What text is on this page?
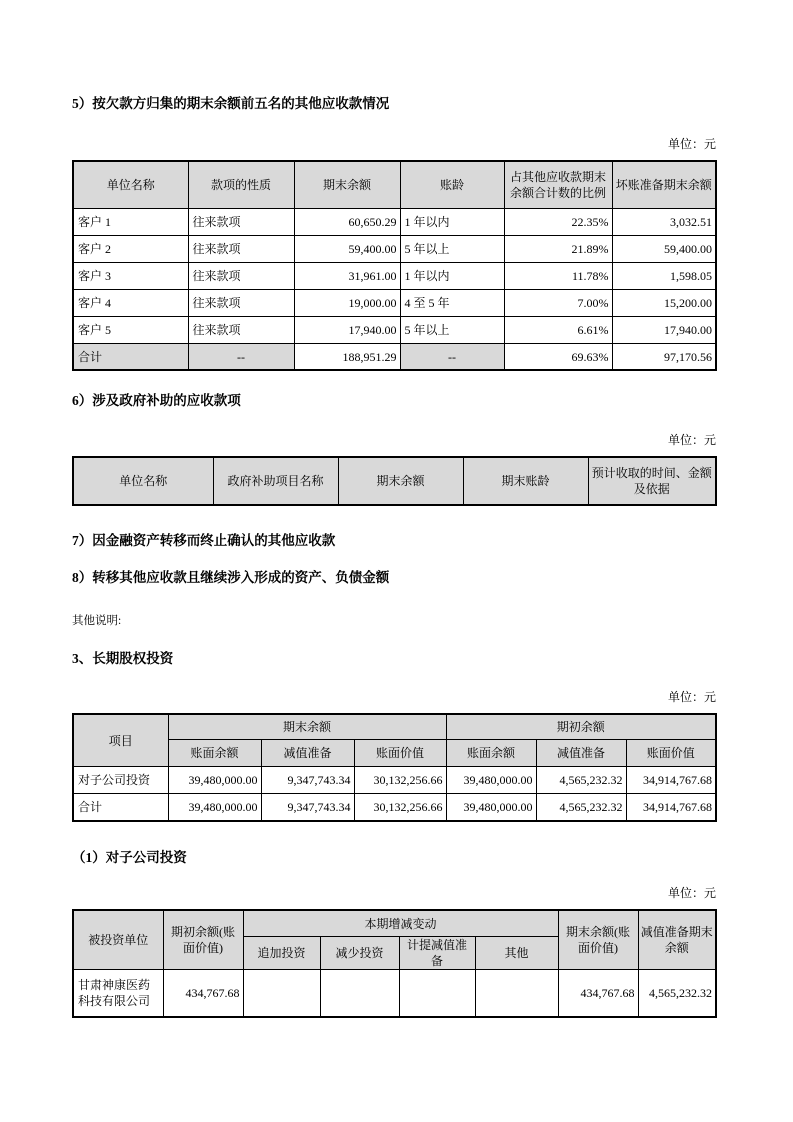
5）按欠款方归集的期末余额前五名的其他应收款情况
单位：元
单位名称	款项的性质	期末余额	账龄	占其他应收款期末余额合计数的比例	坏账准备期末余额
客户 1	往来款项	60,650.29	1 年以内	22.35%	3,032.51
客户 2	往来款项	59,400.00	5 年以上	21.89%	59,400.00
客户 3	往来款项	31,961.00	1 年以内	11.78%	1,598.05
客户 4	往来款项	19,000.00	4 至 5 年	7.00%	15,200.00
客户 5	往来款项	17,940.00	5 年以上	6.61%	17,940.00
合计	--	188,951.29	--	69.63%	97,170.56
6）涉及政府补助的应收款项
单位：元
单位名称	政府补助项目名称	期末余额	期末账龄	预计收取的时间、金额及依据
7）因金融资产转移而终止确认的其他应收款
8）转移其他应收款且继续涉入形成的资产、负债金额
其他说明:
3、长期股权投资
单位：元
项目	期末余额			期初余额		
	账面余额	减值准备	账面价值	账面余额	减值准备	账面价值
对子公司投资	39,480,000.00	9,347,743.34	30,132,256.66	39,480,000.00	4,565,232.32	34,914,767.68
合计	39,480,000.00	9,347,743.34	30,132,256.66	39,480,000.00	4,565,232.32	34,914,767.68
（1）对子公司投资
单位：元
被投资单位	期初余额(账面价值)	本期增减变动				期末余额(账面价值)	减值准备期末余额
		追加投资	减少投资	计提减值准备	其他		
甘肃神康医药科技有限公司	434,767.68					434,767.68	4,565,232.32
